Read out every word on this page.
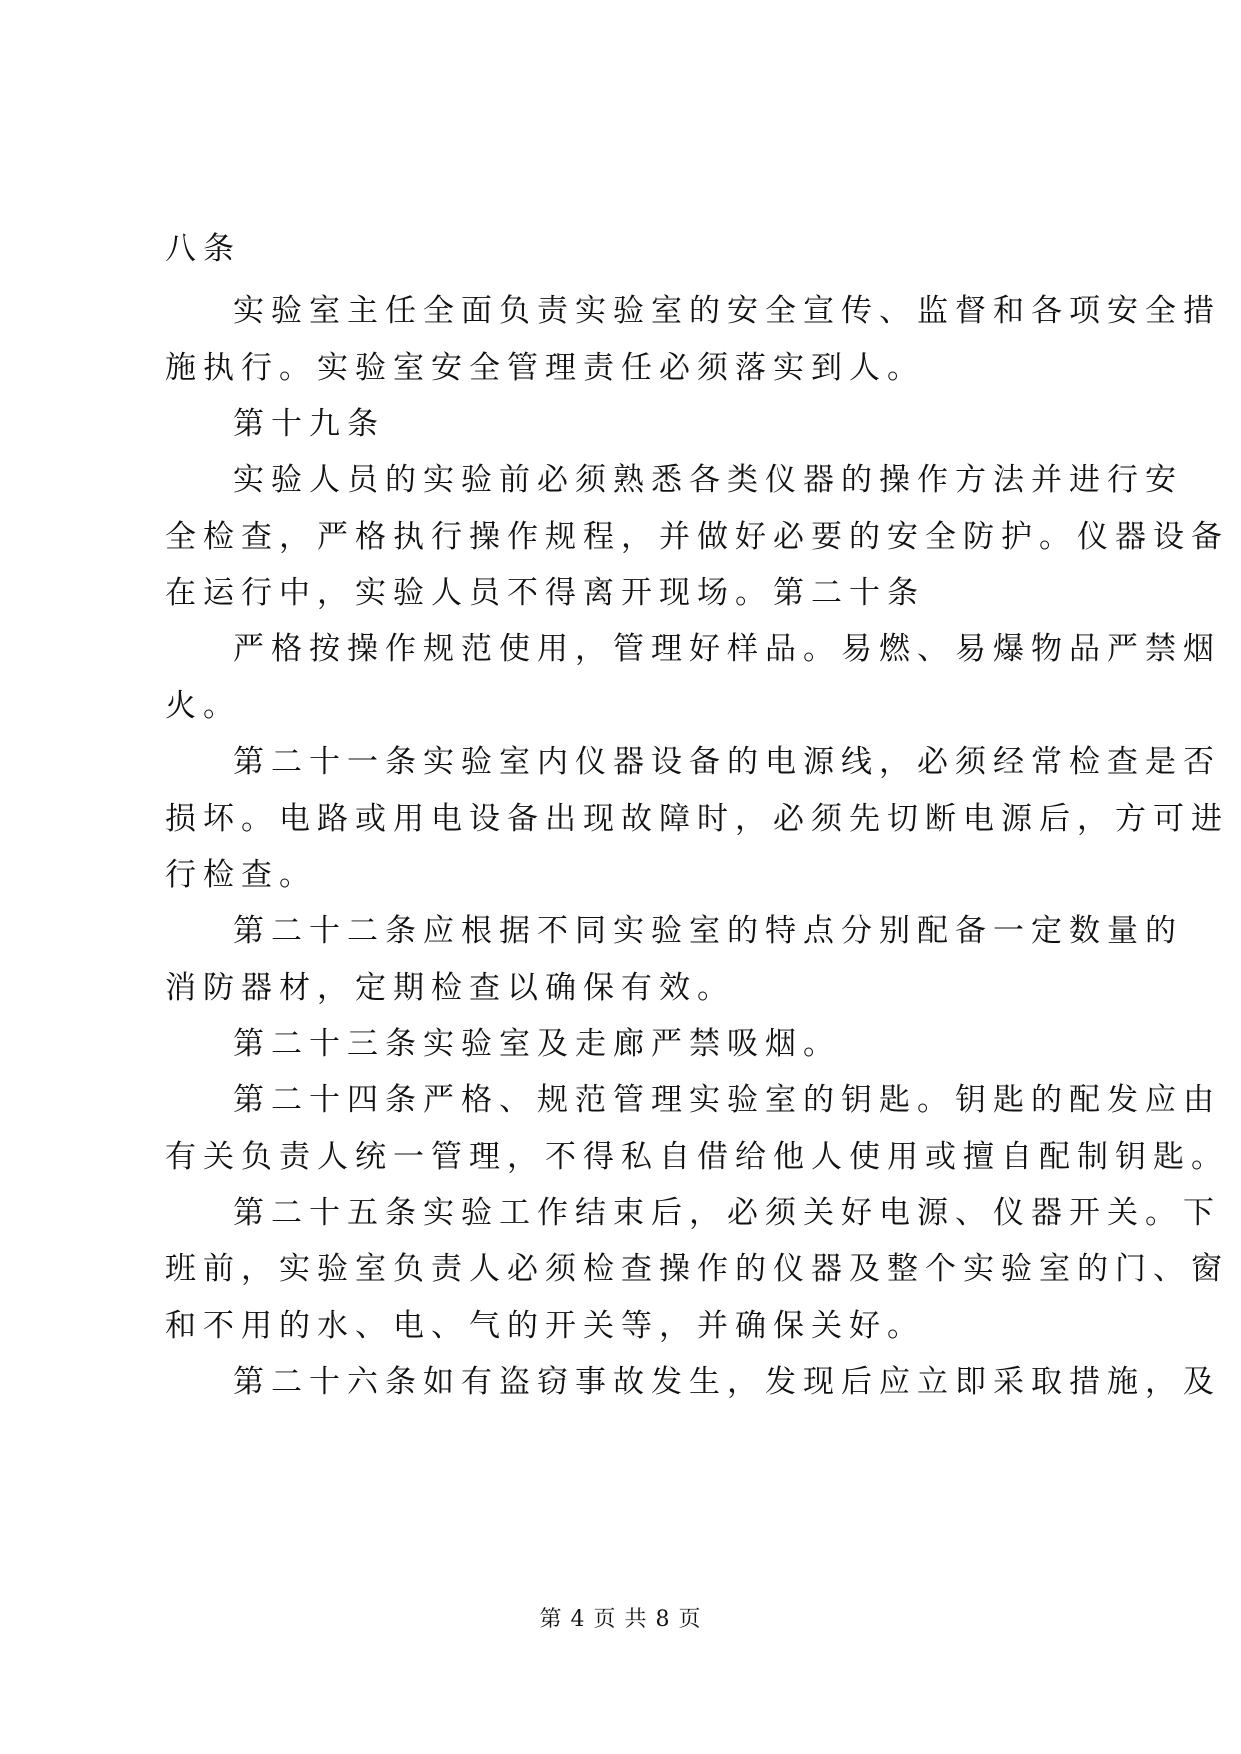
八条
实验室主任全面负责实验室的安全宣传、监督和各项安全措
施执行。实验室安全管理责任必须落实到人。
第十九条
实验人员的实验前必须熟悉各类仪器的操作方法并进行安
全检查，严格执行操作规程，并做好必要的安全防护。仪器设备
在运行中，实验人员不得离开现场。第二十条
严格按操作规范使用，管理好样品。易燃、易爆物品严禁烟
火。
第二十一条实验室内仪器设备的电源线，必须经常检查是否
损坏。电路或用电设备出现故障时，必须先切断电源后，方可进
行检查。
第二十二条应根据不同实验室的特点分别配备一定数量的
消防器材，定期检查以确保有效。
第二十三条实验室及走廊严禁吸烟。
第二十四条严格、规范管理实验室的钥匙。钥匙的配发应由
有关负责人统一管理，不得私自借给他人使用或擅自配制钥匙。
第二十五条实验工作结束后，必须关好电源、仪器开关。下
班前，实验室负责人必须检查操作的仪器及整个实验室的门、窗
和不用的水、电、气的开关等，并确保关好。
第二十六条如有盗窃事故发生，发现后应立即采取措施，及
第 4 页 共 8 页
